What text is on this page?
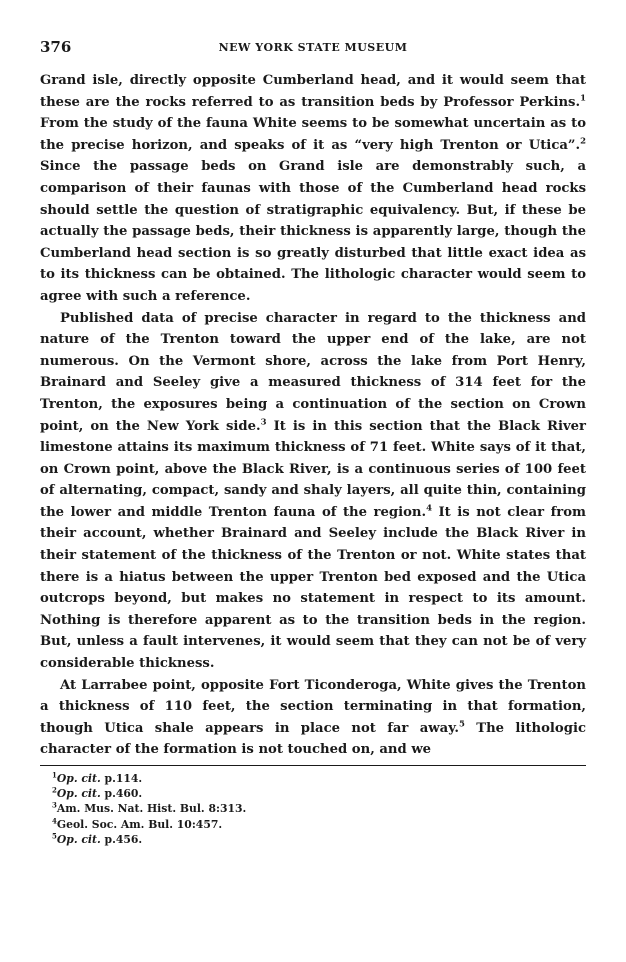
376	NEW YORK STATE MUSEUM

Grand isle, directly opposite Cumberland head, and it would seem that these are the rocks referred to as transition beds by Professor Perkins.$^1$ From the study of the fauna White seems to be somewhat uncertain as to the precise horizon, and speaks of it as “very high Trenton or Utica”.$^2$ Since the passage beds on Grand isle are demonstrably such, a comparison of their faunas with those of the Cumberland head rocks should settle the question of stratigraphic equivalency. But, if these be actually the passage beds, their thickness is apparently large, though the Cumberland head section is so greatly disturbed that little exact idea as to its thickness can be obtained. The lithologic character would seem to agree with such a reference.

Published data of precise character in regard to the thickness and nature of the Trenton toward the upper end of the lake, are not numerous. On the Vermont shore, across the lake from Port Henry, Brainard and Seeley give a measured thickness of 314 feet for the Trenton, the exposures being a continuation of the section on Crown point, on the New York side.$^3$ It is in this section that the Black River limestone attains its maximum thickness of 71 feet. White says of it that, on Crown point, above the Black River, is a continuous series of 100 feet of alternating, compact, sandy and shaly layers, all quite thin, containing the lower and middle Trenton fauna of the region.$^4$ It is not clear from their account, whether Brainard and Seeley include the Black River in their statement of the thickness of the Trenton or not. White states that there is a hiatus between the upper Trenton bed exposed and the Utica outcrops beyond, but makes no statement in respect to its amount. Nothing is therefore apparent as to the transition beds in the region. But, unless a fault intervenes, it would seem that they can not be of very considerable thickness.

At Larrabee point, opposite Fort Ticonderoga, White gives the Trenton a thickness of 110 feet, the section terminating in that formation, though Utica shale appears in place not far away.$^5$ The lithologic character of the formation is not touched on, and we

$^1$Op. cit. p.114.
$^2$Op. cit. p.460.
$^3$Am. Mus. Nat. Hist. Bul. 8:313.
$^4$Geol. Soc. Am. Bul. 10:457.
$^5$Op. cit. p.456.
